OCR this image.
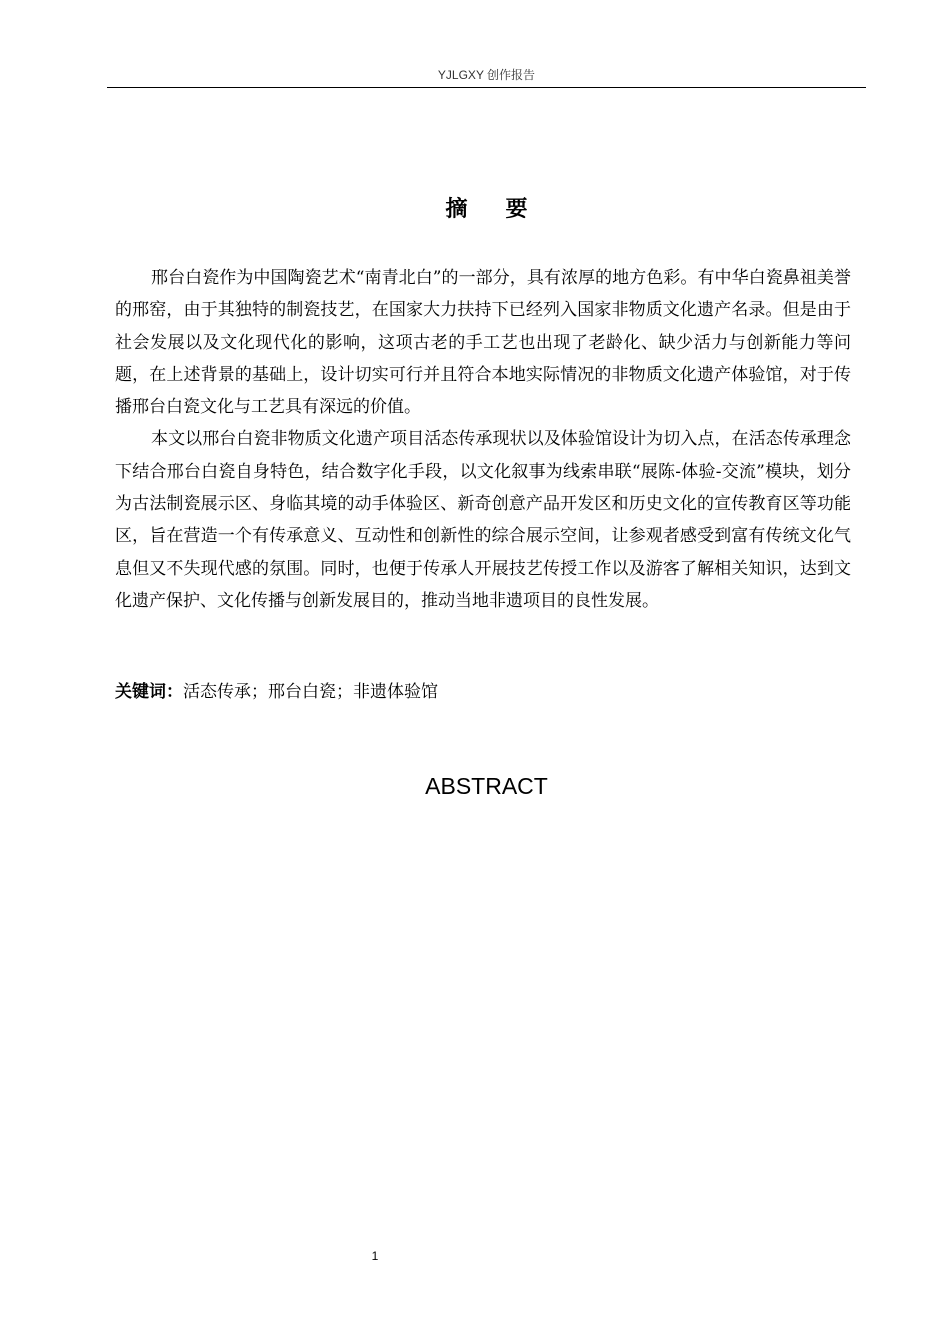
YJLGXY 创作报告
摘 要

邢台白瓷作为中国陶瓷艺术“南青北白”的一部分，具有浓厚的地方色彩。有中华白瓷鼻祖美誉的邢窑，由于其独特的制瓷技艺，在国家大力扶持下已经列入国家非物质文化遗产名录。但是由于社会发展以及文化现代化的影响，这项古老的手工艺也出现了老龄化、缺少活力与创新能力等问题，在上述背景的基础上，设计切实可行并且符合本地实际情况的非物质文化遗产体验馆，对于传播邢台白瓷文化与工艺具有深远的价值。

本文以邢台白瓷非物质文化遗产项目活态传承现状以及体验馆设计为切入点，在活态传承理念下结合邢台白瓷自身特色，结合数字化手段，以文化叙事为线索串联“展陈-体验-交流”模块，划分为古法制瓷展示区、身临其境的动手体验区、新奇创意产品开发区和历史文化的宣传教育区等功能区，旨在营造一个有传承意义、互动性和创新性的综合展示空间，让参观者感受到富有传统文化气息但又不失现代感的氛围。同时，也便于传承人开展技艺传授工作以及游客了解相关知识，达到文化遗产保护、文化传播与创新发展目的，推动当地非遗项目的良性发展。

关键词：活态传承；邢台白瓷；非遗体验馆
ABSTRACT
1
